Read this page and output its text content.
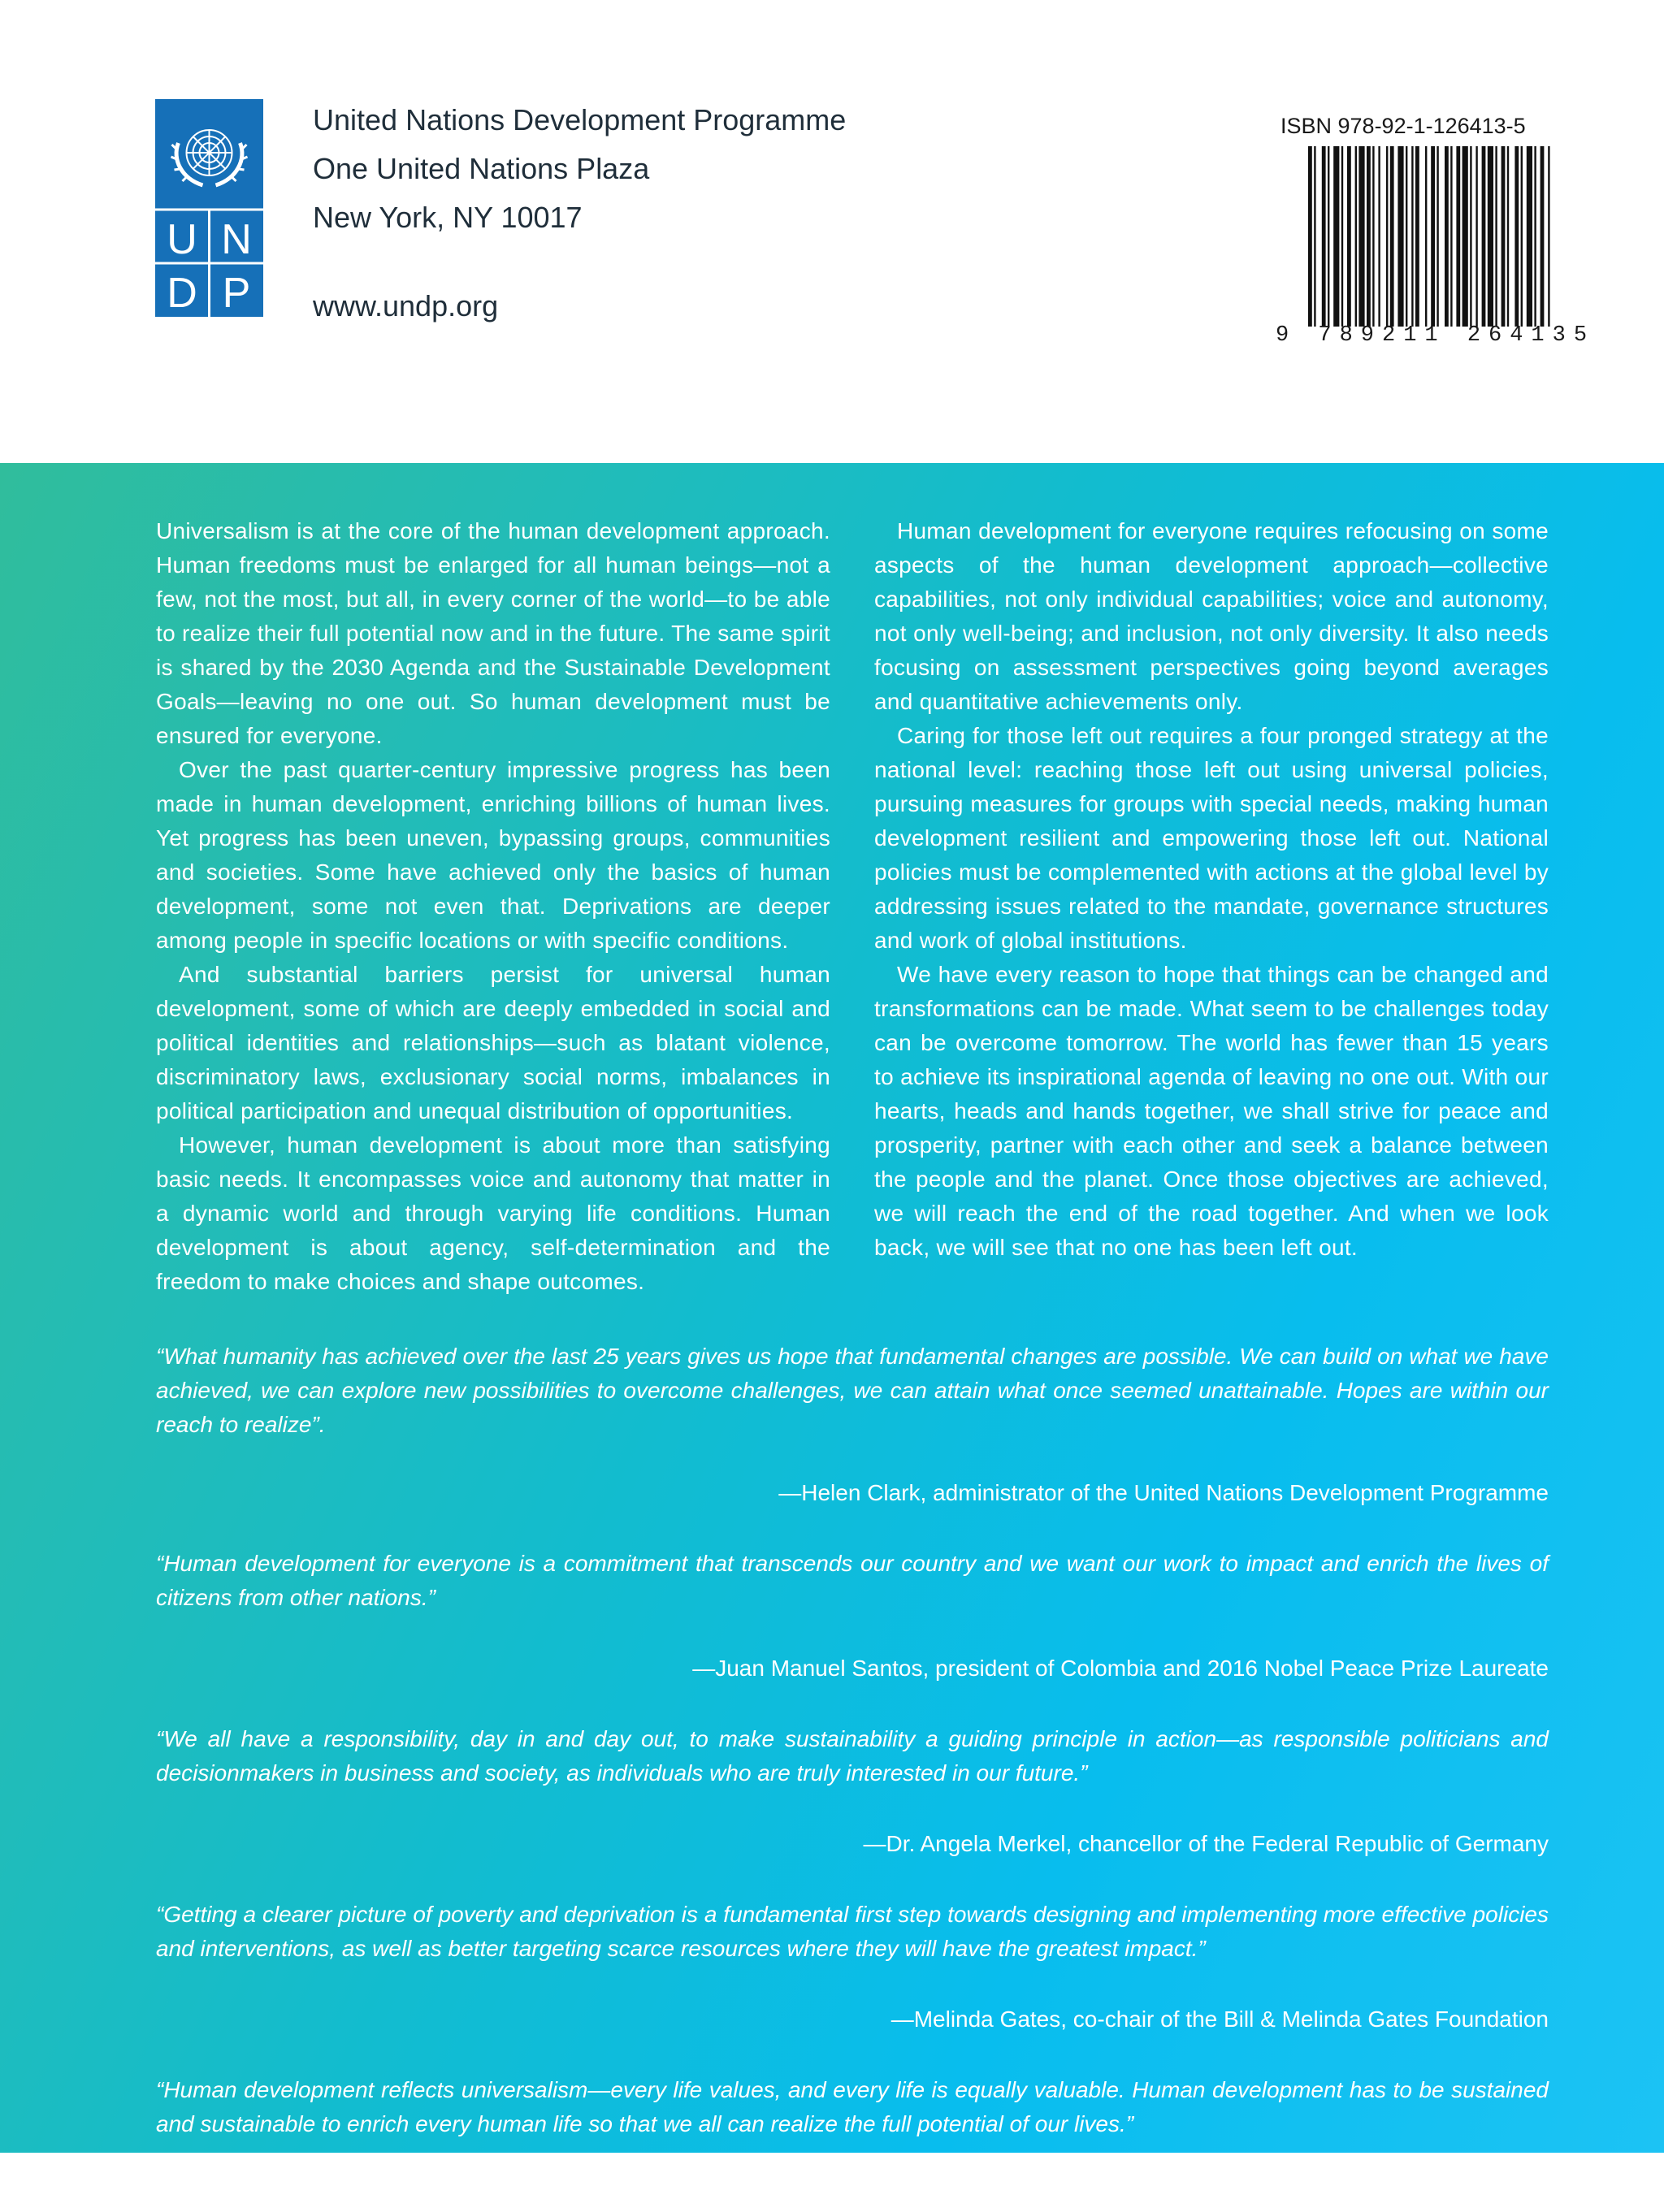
U N
D P
United Nations Development Programme
One United Nations Plaza
New York, NY 10017
www.undp.org
ISBN 978-92-1-126413-5
9 789211 264135

Universalism is at the core of the human development approach. Human freedoms must be enlarged for all human beings—not a few, not the most, but all, in every corner of the world—to be able to realize their full potential now and in the future. The same spirit is shared by the 2030 Agenda and the Sustainable Development Goals—leaving no one out. So human development must be ensured for everyone.

Over the past quarter-century impressive progress has been made in human development, enriching billions of human lives. Yet progress has been uneven, bypassing groups, communities and societies. Some have achieved only the basics of human development, some not even that. Deprivations are deeper among people in specific locations or with specific conditions.

And substantial barriers persist for universal human development, some of which are deeply embedded in social and political identities and relationships—such as blatant violence, discriminatory laws, exclusionary social norms, imbalances in political participation and unequal distribution of opportunities.

However, human development is about more than satisfying basic needs. It encompasses voice and autonomy that matter in a dynamic world and through varying life conditions. Human development is about agency, self-determination and the freedom to make choices and shape outcomes.

Human development for everyone requires refocusing on some aspects of the human development approach—collective capabilities, not only individual capabilities; voice and autonomy, not only well-being; and inclusion, not only diversity. It also needs focusing on assessment perspectives going beyond averages and quantitative achievements only.

Caring for those left out requires a four pronged strategy at the national level: reaching those left out using universal policies, pursuing measures for groups with special needs, making human development resilient and empowering those left out. National policies must be complemented with actions at the global level by addressing issues related to the mandate, governance structures and work of global institutions.

We have every reason to hope that things can be changed and transformations can be made. What seem to be challenges today can be overcome tomorrow. The world has fewer than 15 years to achieve its inspirational agenda of leaving no one out. With our hearts, heads and hands together, we shall strive for peace and prosperity, partner with each other and seek a balance between the people and the planet. Once those objectives are achieved, we will reach the end of the road together. And when we look back, we will see that no one has been left out.

“What humanity has achieved over the last 25 years gives us hope that fundamental changes are possible. We can build on what we have achieved, we can explore new possibilities to overcome challenges, we can attain what once seemed unattainable. Hopes are within our reach to realize”.

—Helen Clark, administrator of the United Nations Development Programme

“Human development for everyone is a commitment that transcends our country and we want our work to impact and enrich the lives of citizens from other nations.”

—Juan Manuel Santos, president of Colombia and 2016 Nobel Peace Prize Laureate

“We all have a responsibility, day in and day out, to make sustainability a guiding principle in action—as responsible politicians and decisionmakers in business and society, as individuals who are truly interested in our future.”

—Dr. Angela Merkel, chancellor of the Federal Republic of Germany

“Getting a clearer picture of poverty and deprivation is a fundamental first step towards designing and implementing more effective policies and interventions, as well as better targeting scarce resources where they will have the greatest impact.”

—Melinda Gates, co-chair of the Bill & Melinda Gates Foundation

“Human development reflects universalism—every life values, and every life is equally valuable. Human development has to be sustained and sustainable to enrich every human life so that we all can realize the full potential of our lives.”

—Selim Jahan, lead author of the Report
